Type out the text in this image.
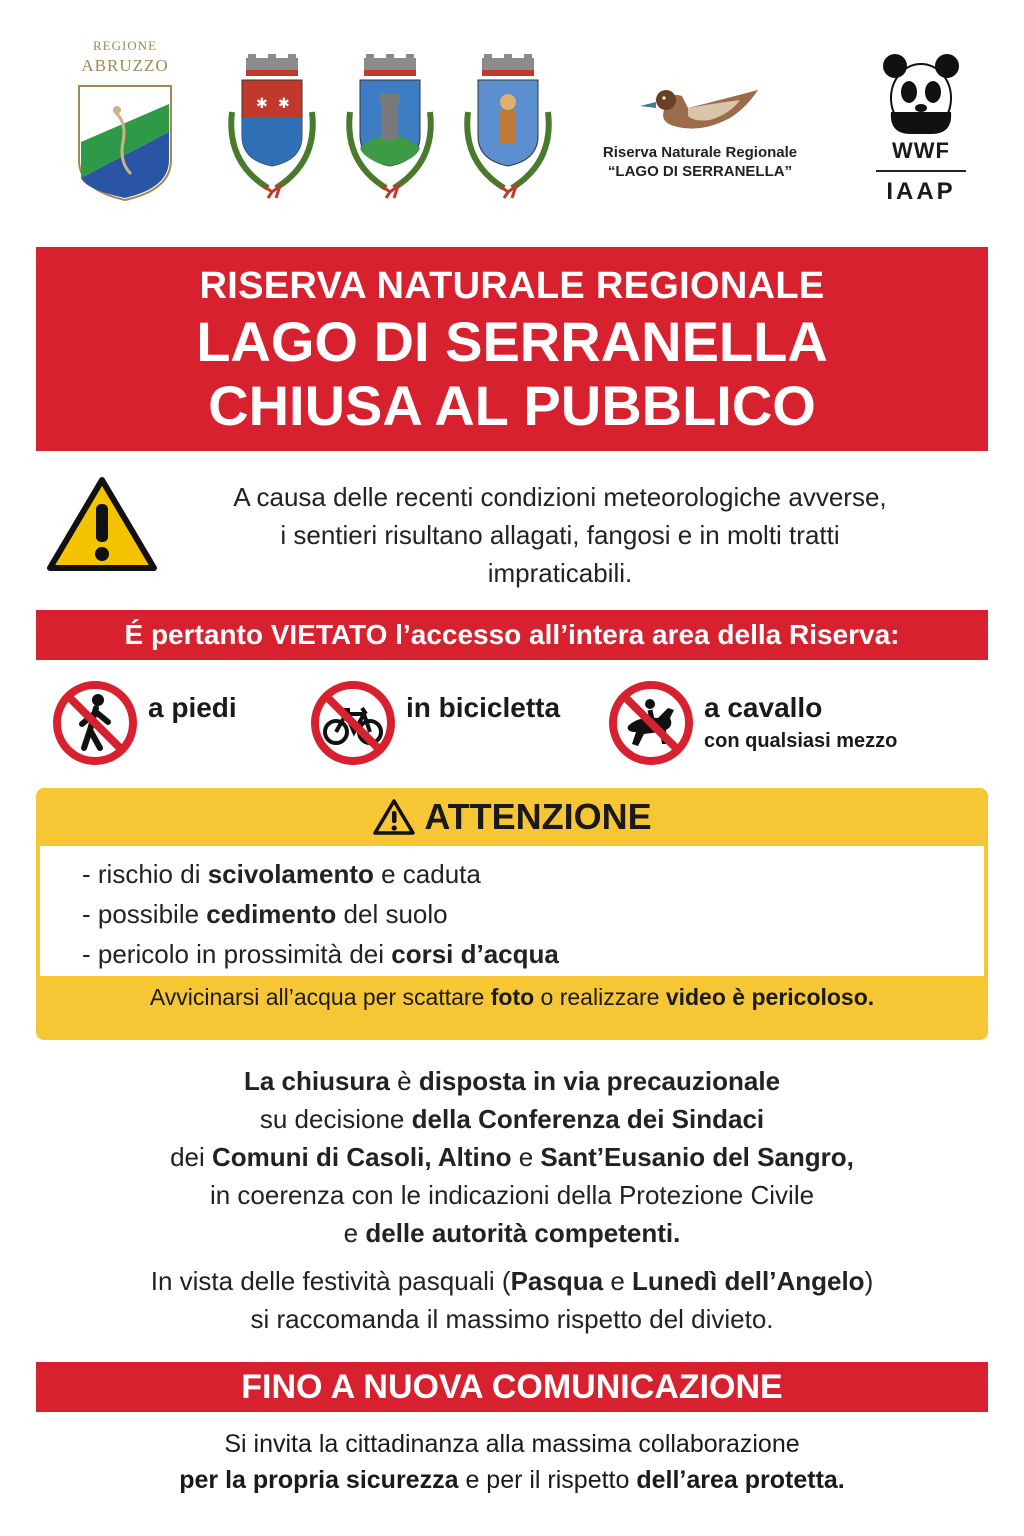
REGIONE
ABRUZZO
✱ ✱
Riserva Naturale Regionale
“LAGO DI SERRANELLA”
WWF
IAAP
RISERVA NATURALE REGIONALE
LAGO DI SERRANELLA
CHIUSA AL PUBBLICO
A causa delle recenti condizioni meteorologiche avverse,
i sentieri risultano allagati, fangosi e in molti tratti
impraticabili.
É pertanto VIETATO l’accesso all’intera area della Riserva:
a piedi	in bicicletta	a cavallo
con qualsiasi mezzo
ATTENZIONE
- rischio di scivolamento e caduta
- possibile cedimento del suolo
- pericolo in prossimità dei corsi d’acqua
Avvicinarsi all’acqua per scattare foto o realizzare video è pericoloso.
La chiusura è disposta in via precauzionale
su decisione della Conferenza dei Sindaci
dei Comuni di Casoli, Altino e Sant’Eusanio del Sangro,
in coerenza con le indicazioni della Protezione Civile
e delle autorità competenti.
In vista delle festività pasquali (Pasqua e Lunedì dell’Angelo)
si raccomanda il massimo rispetto del divieto.
FINO A NUOVA COMUNICAZIONE
Si invita la cittadinanza alla massima collaborazione
per la propria sicurezza e per il rispetto dell’area protetta.
